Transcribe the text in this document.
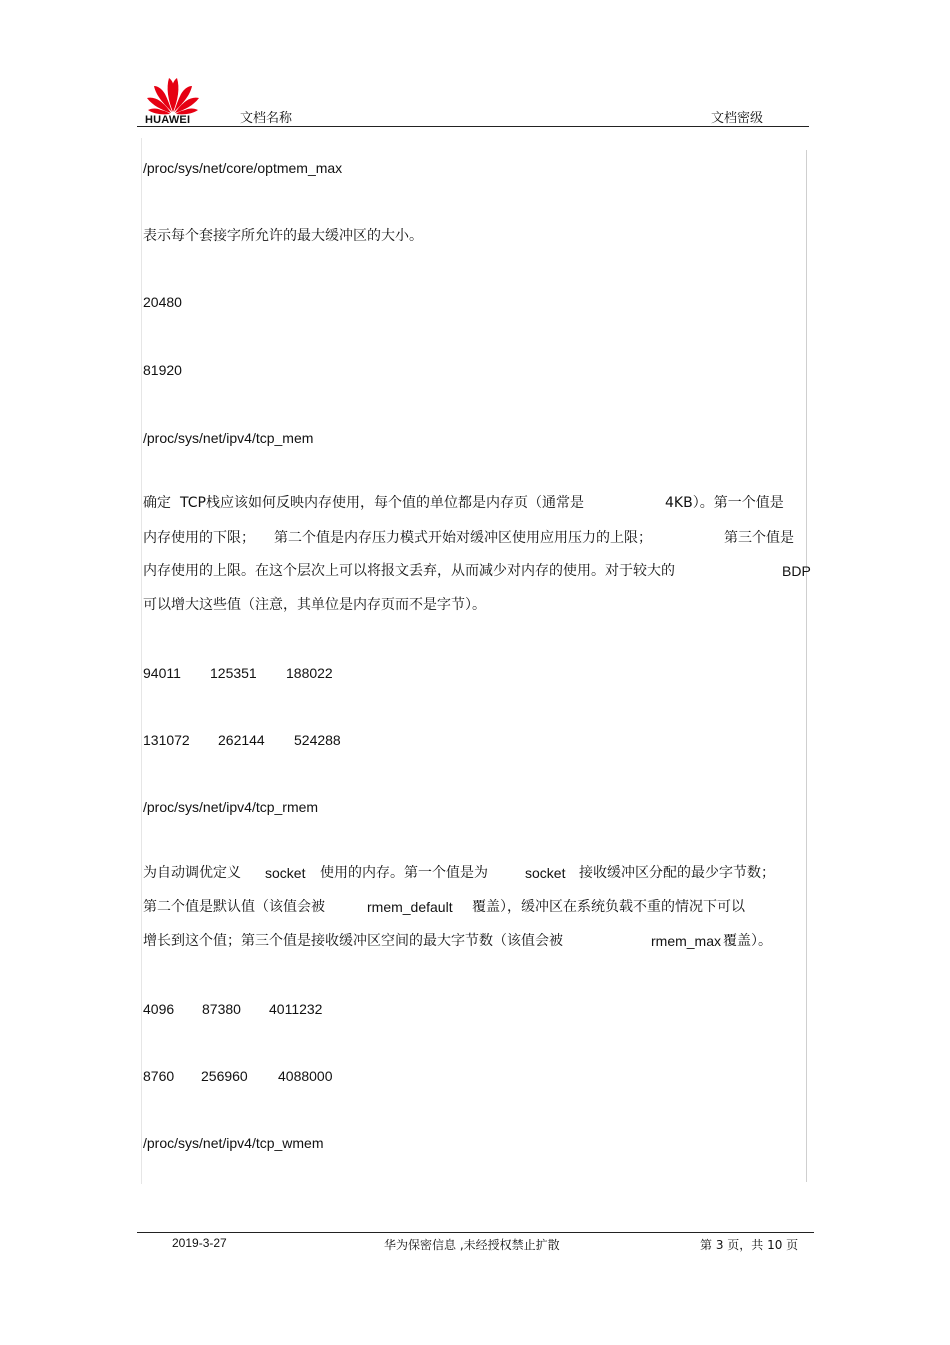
HUAWEI	文档名称	文档密级
/proc/sys/net/core/optmem_max
表示每个套接字所允许的最大缓冲区的大小。
20480
81920
/proc/sys/net/ipv4/tcp_mem
确定 TCP栈应该如何反映内存使用，每个值的单位都是内存页（通常是	4KB）。第一个值是
内存使用的下限； 第二个值是内存压力模式开始对缓冲区使用应用压力的上限；	第三个值是
内存使用的上限。在这个层次上可以将报文丢弃，从而减少对内存的使用。对于较大的	BDP
可以增大这些值（注意，其单位是内存页而不是字节）。
94011 125351 188022
131072 262144 524288
/proc/sys/net/ipv4/tcp_rmem
为自动调优定义 socket 使用的内存。第一个值是为	socket 接收缓冲区分配的最少字节数；
第二个值是默认值（该值会被	rmem_default 覆盖），缓冲区在系统负载不重的情况下可以
增长到这个值；第三个值是接收缓冲区空间的最大字节数（该值会被	rmem_max 覆盖）。
4096 87380 4011232
8760 256960 4088000
/proc/sys/net/ipv4/tcp_wmem
2019-3-27	华为保密信息 ,未经授权禁止扩散	第 3 页，共 10 页
